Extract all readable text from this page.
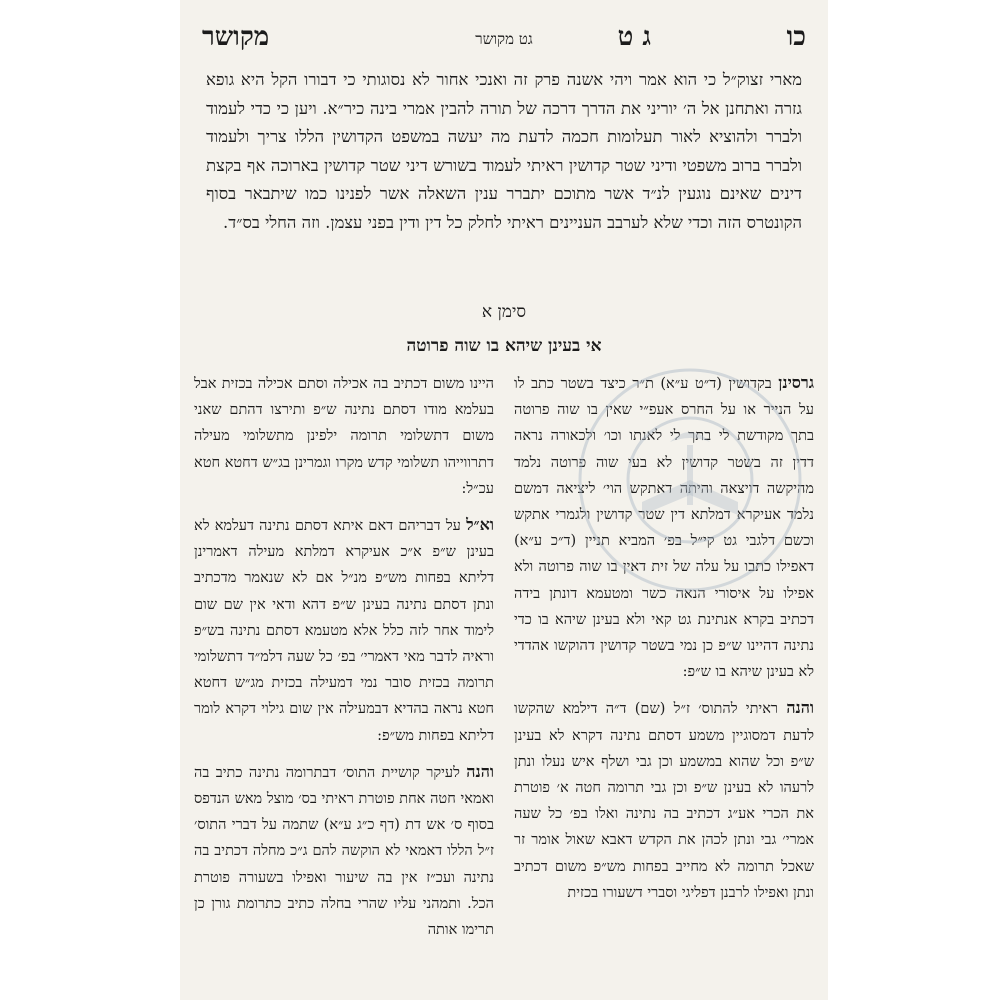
כו
ג ט
גט מקושר
מקושר

מארי זצוק״ל כי הוא אמר ויהי אשנה פרק זה ואנכי אחור לא נסוגותי כי דבורו הקל היא גופא גזרה ואתחנן אל ה׳ יוריני את הדרך דרכה של תורה להבין אמרי בינה כיר״א. ויען כי כדי לעמוד ולברר ולהוציא לאור תעלומות חכמה לדעת מה יעשה במשפט הקדושין הללו צריך ולעמוד ולברר ברוב משפטי ודיני שטר קדושין ראיתי לעמוד בשורש דיני שטר קדושין בארוכה אף בקצת דינים שאינם נוגעין לנ״ד אשר מתוכם יתברר ענין השאלה אשר לפנינו כמו שיתבאר בסוף הקונטרס הזה וכדי שלא לערבב העניינים ראיתי לחלק כל דין ודין בפני עצמן. וזה החלי בס״ד.

סימן א
אי בעינן שיהא בו שוה פרוטה

גרסינן בקדושין (ד״ט ע״א) ת״ר כיצד בשטר כתב לו על הנייר או על החרס אעפ״י שאין בו שוה פרוטה בתך מקודשת לי בתך לי לאנתו וכו׳ ולכאורה נראה דדין זה בשטר קדושין לא בעי שוה פרוטה נלמד מהיקשה דויצאה והיתה דאתקש הוי׳ ליציאה דמשם נלמד אעיקרא דמלתא דין שטר קדושין ולגמרי אתקש וכשם דלגבי גט קי״ל בפ׳ המביא תניין (ד״כ ע״א) דאפילו כתבו על עלה של זית דאין בו שוה פרוטה ולא אפילו על איסורי הנאה כשר ומטעמא דונתן בידה דכתיב בקרא אנתינת גט קאי ולא בעינן שיהא בו כדי נתינה דהיינו ש״פ כן נמי בשטר קדושין דהוקשו אהדדי לא בעינן שיהא בו ש״פ:

והנה ראיתי להתוס׳ ז״ל (שם) ד״ה דילמא שהקשו לדעת דמסוגיין משמע דסתם נתינה דקרא לא בעינן ש״פ וכל שהוא במשמע וכן גבי ושלף איש נעלו ונתן לרעהו לא בעינן ש״פ וכן גבי תרומה חטה א׳ פוטרת את הכרי אע״ג דכתיב בה נתינה ואלו בפ׳ כל שעה אמרי׳ גבי ונתן לכהן את הקדש דאבא שאול אומר זר שאכל תרומה לא מחייב בפחות מש״פ משום דכתיב ונתן ואפילו לרבנן דפליגי וסברי דשעורו בכזית

היינו משום דכתיב בה אכילה וסתם אכילה בכזית אבל בעלמא מודו דסתם נתינה ש״פ ותירצו דהתם שאני משום דתשלומי תרומה ילפינן מתשלומי מעילה דתרווייהו תשלומי קדש מקרו וגמרינן בג״ש דחטא חטא עכ״ל:

וא״ל על דבריהם דאם איתא דסתם נתינה דעלמא לא בעינן ש״פ א״כ אעיקרא דמלתא מעילה דאמרינן דליתא בפחות מש״פ מנ״ל אם לא שנאמר מדכתיב ונתן דסתם נתינה בעינן ש״פ דהא ודאי אין שם שום לימוד אחר לזה כלל אלא מטעמא דסתם נתינה בש״פ וראיה לדבר מאי דאמרי׳ בפ׳ כל שעה דלמ״ד דתשלומי תרומה בכזית סובר נמי דמעילה בכזית מג״ש דחטא חטא נראה בהדיא דבמעילה אין שום גילוי דקרא לומר דליתא בפחות מש״פ:

והנה לעיקר קושיית התוס׳ דבתרומה נתינה כתיב בה ואמאי חטה אחת פוטרת ראיתי בס׳ מוצל מאש הנדפס בסוף ס׳ אש דת (דף כ״ג ע״א) שתמה על דברי התוס׳ ז״ל הללו דאמאי לא הוקשה להם ג״כ מחלה דכתיב בה נתינה ועכ״ז אין בה שיעור ואפילו בשעורה פוטרת הכל. ותמהני עליו שהרי בחלה כתיב כתרומת גורן כן תרימו אותה
